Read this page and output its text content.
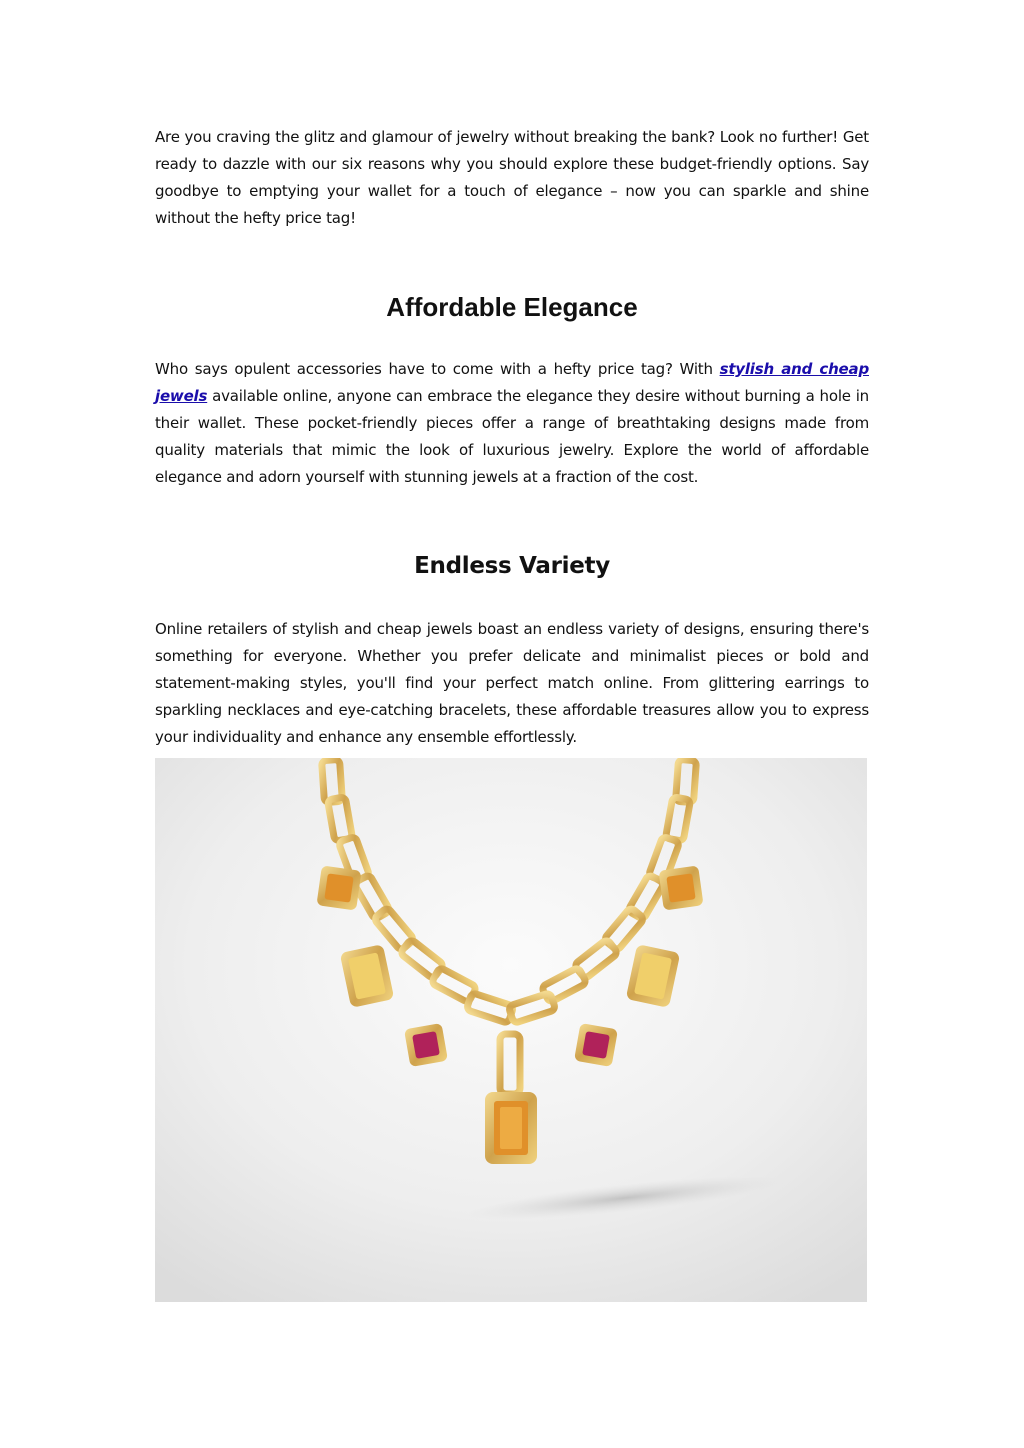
Are you craving the glitz and glamour of jewelry without breaking the bank? Look no further! Get ready to dazzle with our six reasons why you should explore these budget-friendly options. Say goodbye to emptying your wallet for a touch of elegance – now you can sparkle and shine without the hefty price tag!

Affordable Elegance

Who says opulent accessories have to come with a hefty price tag? With stylish and cheap jewels available online, anyone can embrace the elegance they desire without burning a hole in their wallet. These pocket-friendly pieces offer a range of breathtaking designs made from quality materials that mimic the look of luxurious jewelry. Explore the world of affordable elegance and adorn yourself with stunning jewels at a fraction of the cost.

Endless Variety

Online retailers of stylish and cheap jewels boast an endless variety of designs, ensuring there's something for everyone. Whether you prefer delicate and minimalist pieces or bold and statement-making styles, you'll find your perfect match online. From glittering earrings to sparkling necklaces and eye-catching bracelets, these affordable treasures allow you to express your individuality and enhance any ensemble effortlessly.
